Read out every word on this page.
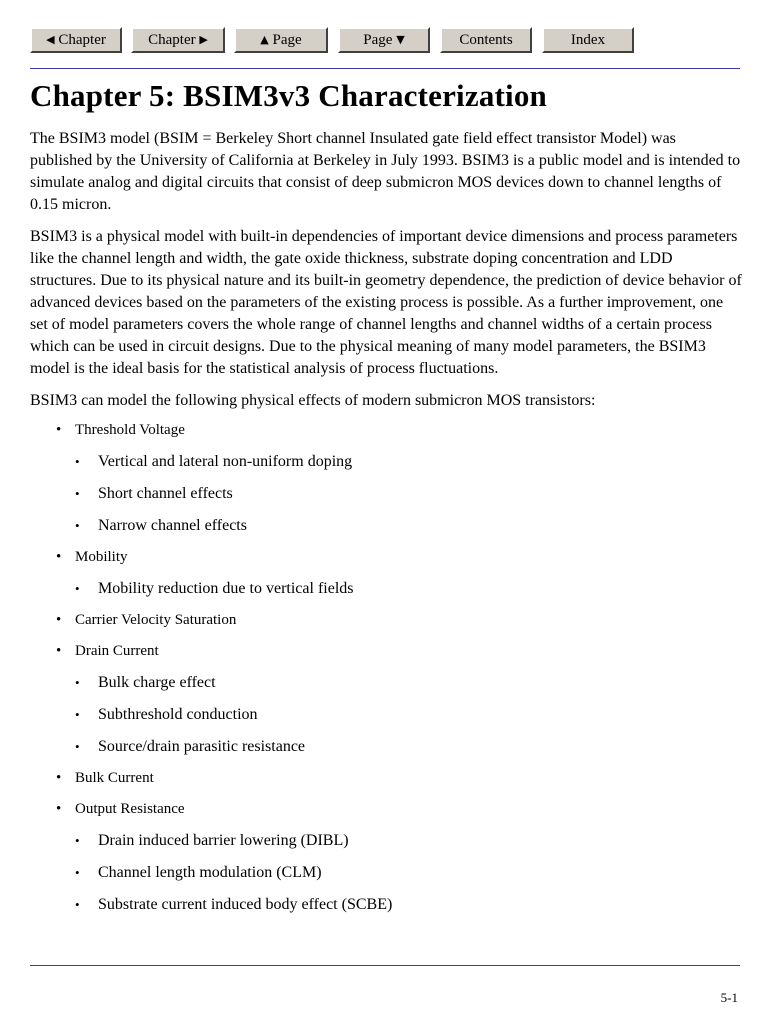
◀ Chapter	Chapter ▶	▲ Page	Page ▼	Contents	Index
Chapter 5: BSIM3v3 Characterization

The BSIM3 model (BSIM = Berkeley Short channel Insulated gate field effect transistor Model) was published by the University of California at Berkeley in July 1993. BSIM3 is a public model and is intended to simulate analog and digital circuits that consist of deep submicron MOS devices down to channel lengths of 0.15 micron.

BSIM3 is a physical model with built-in dependencies of important device dimensions and process parameters like the channel length and width, the gate oxide thickness, substrate doping concentration and LDD structures. Due to its physical nature and its built-in geometry dependence, the prediction of device behavior of advanced devices based on the parameters of the existing process is possible. As a further improvement, one set of model parameters covers the whole range of channel lengths and channel widths of a certain process which can be used in circuit designs. Due to the physical meaning of many model parameters, the BSIM3 model is the ideal basis for the statistical analysis of process fluctuations.

BSIM3 can model the following physical effects of modern submicron MOS transistors:

• Threshold Voltage
• Vertical and lateral non-uniform doping
• Short channel effects
• Narrow channel effects
• Mobility
• Mobility reduction due to vertical fields
• Carrier Velocity Saturation
• Drain Current
• Bulk charge effect
• Subthreshold conduction
• Source/drain parasitic resistance
• Bulk Current
• Output Resistance
• Drain induced barrier lowering (DIBL)
• Channel length modulation (CLM)
• Substrate current induced body effect (SCBE)
5-1
